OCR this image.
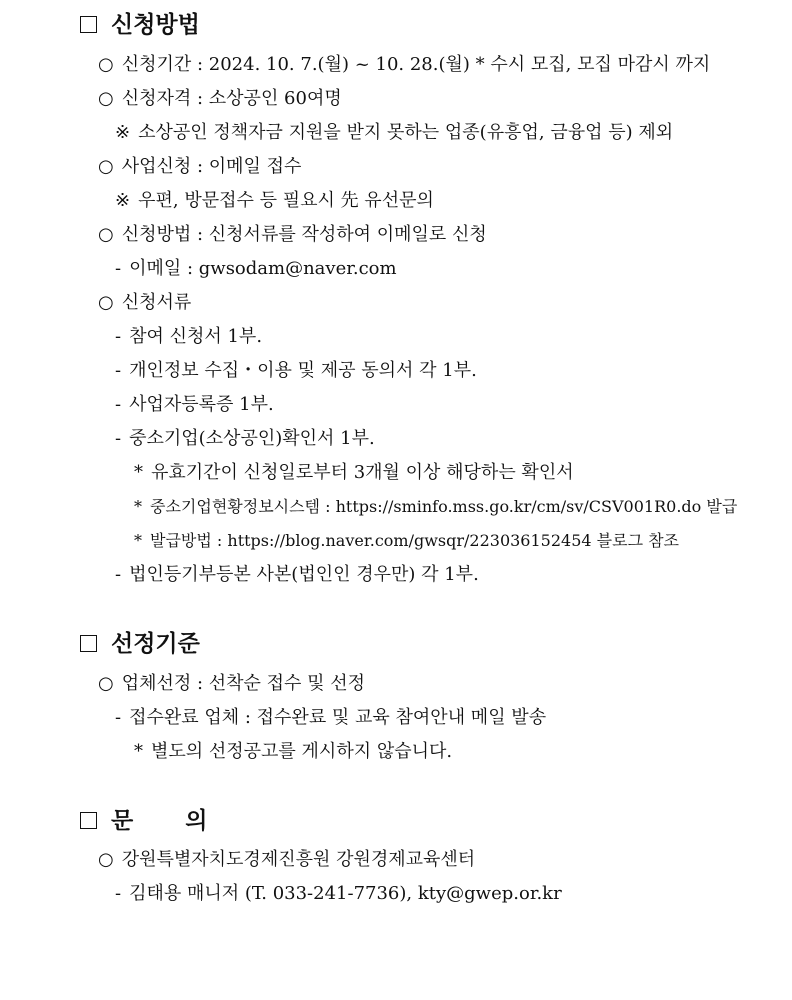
신청방법
○ 신청기간 : 2024. 10. 7.(월) ~ 10. 28.(월) * 수시 모집, 모집 마감시 까지
○ 신청자격 : 소상공인 60여명
※ 소상공인 정책자금 지원을 받지 못하는 업종(유흥업, 금융업 등) 제외
○ 사업신청 : 이메일 접수
※ 우편, 방문접수 등 필요시 先 유선문의
○ 신청방법 : 신청서류를 작성하여 이메일로 신청
- 이메일 : gwsodam@naver.com
○ 신청서류
- 참여 신청서 1부.
- 개인정보 수집・이용 및 제공 동의서 각 1부.
- 사업자등록증 1부.
- 중소기업(소상공인)확인서 1부.
* 유효기간이 신청일로부터 3개월 이상 해당하는 확인서
* 중소기업현황정보시스템 : https://sminfo.mss.go.kr/cm/sv/CSV001R0.do 발급
* 발급방법 : https://blog.naver.com/gwsqr/223036152454 블로그 참조
- 법인등기부등본 사본(법인인 경우만) 각 1부.
선정기준
○ 업체선정 : 선착순 접수 및 선정
- 접수완료 업체 : 접수완료 및 교육 참여안내 메일 발송
* 별도의 선정공고를 게시하지 않습니다.
문 의
○ 강원특별자치도경제진흥원 강원경제교육센터
- 김태용 매니저 (T. 033-241-7736), kty@gwep.or.kr
